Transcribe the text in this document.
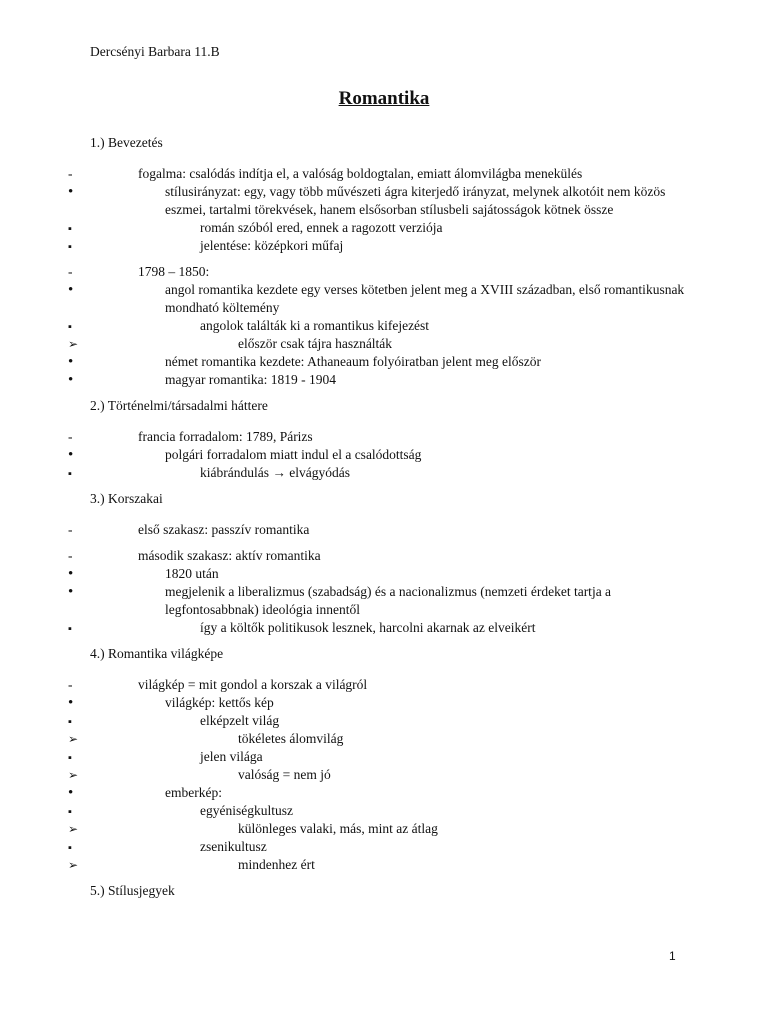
Dercsényi Barbara 11.B
Romantika
1.) Bevezetés
-
fogalma: csalódás indítja el, a valóság boldogtalan, emiatt álomvilágba menekülés
•
stílusirányzat: egy, vagy több művészeti ágra kiterjedő irányzat, melynek alkotóit nem közös eszmei, tartalmi törekvések, hanem elsősorban stílusbeli sajátosságok kötnek össze
▪
román szóból ered, ennek a ragozott verziója
▪
jelentése: középkori műfaj
-
1798 – 1850:
•
angol romantika kezdete egy verses kötetben jelent meg a XVIII században, első romantikusnak mondható költemény
▪
angolok találták ki a romantikus kifejezést
➢
először csak tájra használták
•
német romantika kezdete: Athaneaum folyóiratban jelent meg először
•
magyar romantika: 1819 - 1904
2.) Történelmi/társadalmi háttere
-
francia forradalom: 1789, Párizs
•
polgári forradalom miatt indul el a csalódottság
▪
kiábrándulás → elvágyódás
3.) Korszakai
-
első szakasz: passzív romantika
-
második szakasz: aktív romantika
•
1820 után
•
megjelenik a liberalizmus (szabadság) és a nacionalizmus (nemzeti érdeket tartja a legfontosabbnak) ideológia innentől
▪
így a költők politikusok lesznek, harcolni akarnak az elveikért
4.) Romantika világképe
-
világkép = mit gondol a korszak a világról
•
világkép: kettős kép
▪
elképzelt világ
➢
tökéletes álomvilág
▪
jelen világa
➢
valóság = nem jó
•
emberkép:
▪
egyéniségkultusz
➢
különleges valaki, más, mint az átlag
▪
zsenikultusz
➢
mindenhez ért
5.) Stílusjegyek
1
